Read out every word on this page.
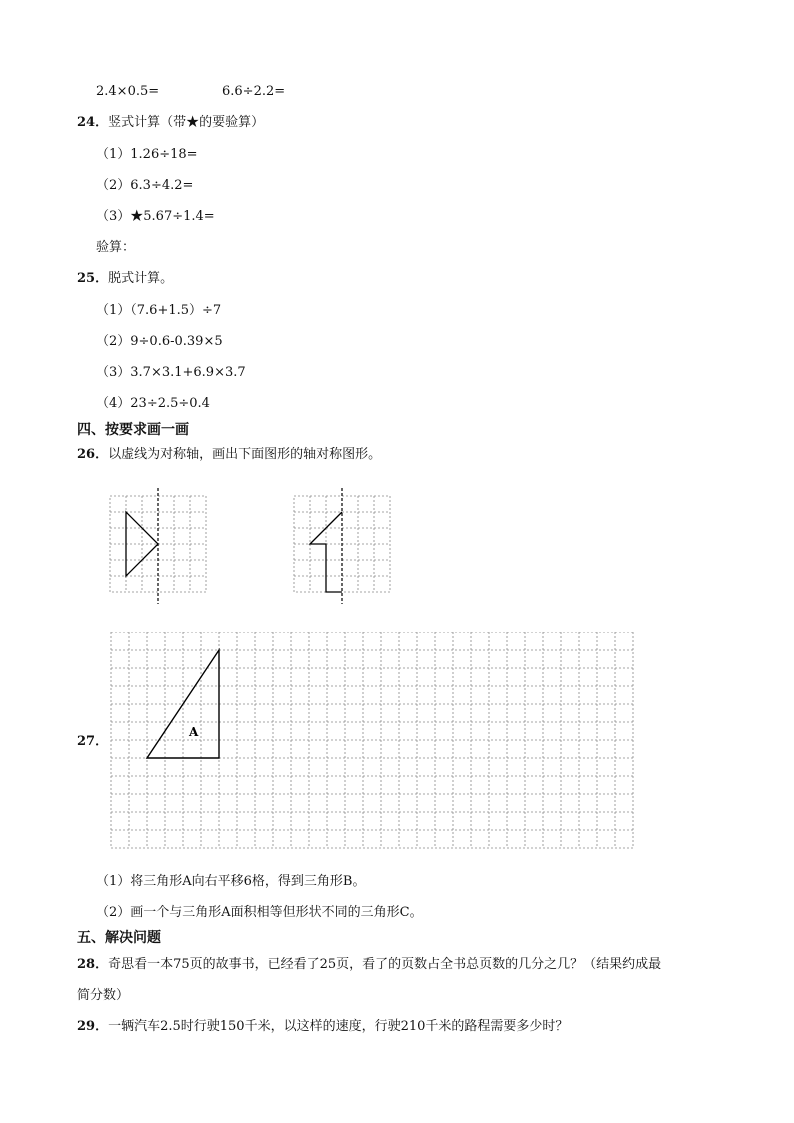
2.4×0.5=	6.6÷2.2=
24．竖式计算（带★的要验算）
（1）1.26÷18=
（2）6.3÷4.2=
（3）★5.67÷1.4=
验算：
25．脱式计算。
（1）（7.6+1.5）÷7
（2）9÷0.6-0.39×5
（3）3.7×3.1+6.9×3.7
（4）23÷2.5÷0.4
四、按要求画一画
26．以虚线为对称轴，画出下面图形的轴对称图形。
27．
A
（1）将三角形A向右平移6格，得到三角形B。
（2）画一个与三角形A面积相等但形状不同的三角形C。
五、解决问题
28．奇思看一本75页的故事书，已经看了25页，看了的页数占全书总页数的几分之几？（结果约成最
简分数）
29．一辆汽车2.5时行驶150千米，以这样的速度，行驶210千米的路程需要多少时？
